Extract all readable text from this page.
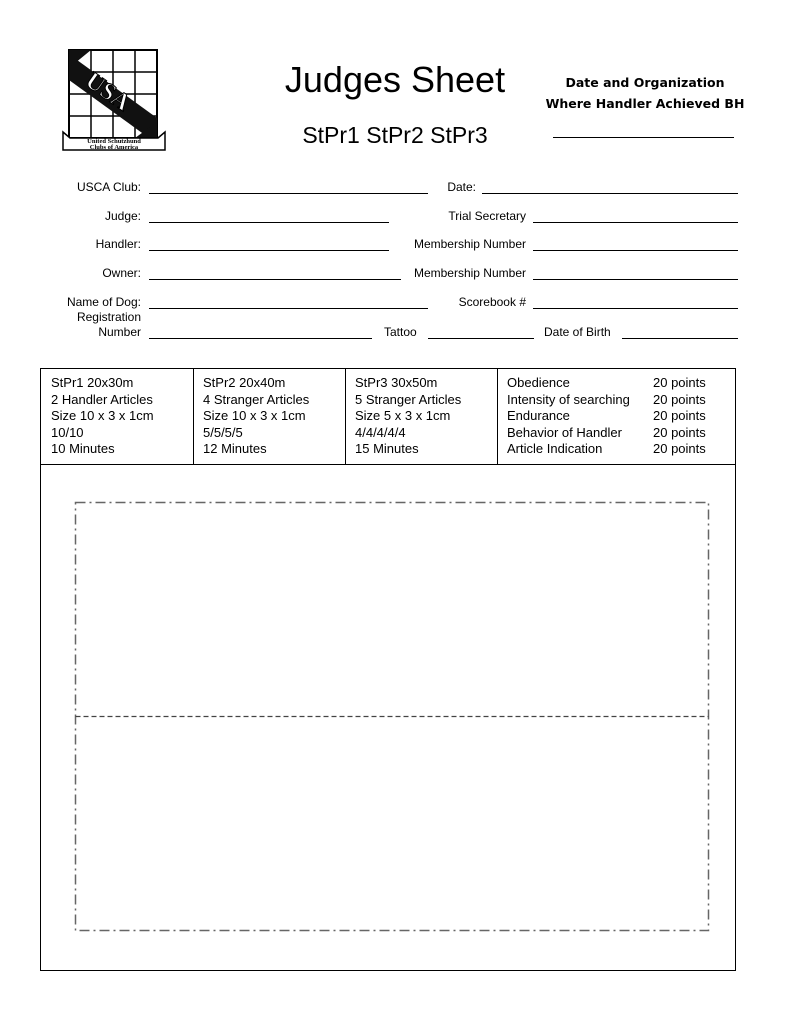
USA
United Schutzhund
Clubs of America
Judges Sheet
StPr1 StPr2 StPr3
Date and Organization
Where Handler Achieved BH
USCA Club:	Date:
Judge:	Trial Secretary
Handler:	Membership Number
Owner:	Membership Number
Name of Dog:	Scorebook #
Registration
Number	Tattoo	Date of Birth
StPr1 20x30m
2 Handler Articles
Size 10 x 3 x 1cm
10/10
10 Minutes
StPr2 20x40m
4 Stranger Articles
Size 10 x 3 x 1cm
5/5/5/5
12 Minutes
StPr3 30x50m
5 Stranger Articles
Size 5 x 3 x 1cm
4/4/4/4/4
15 Minutes
Obedience	20 points
Intensity of searching	20 points
Endurance	20 points
Behavior of Handler	20 points
Article Indication	20 points
